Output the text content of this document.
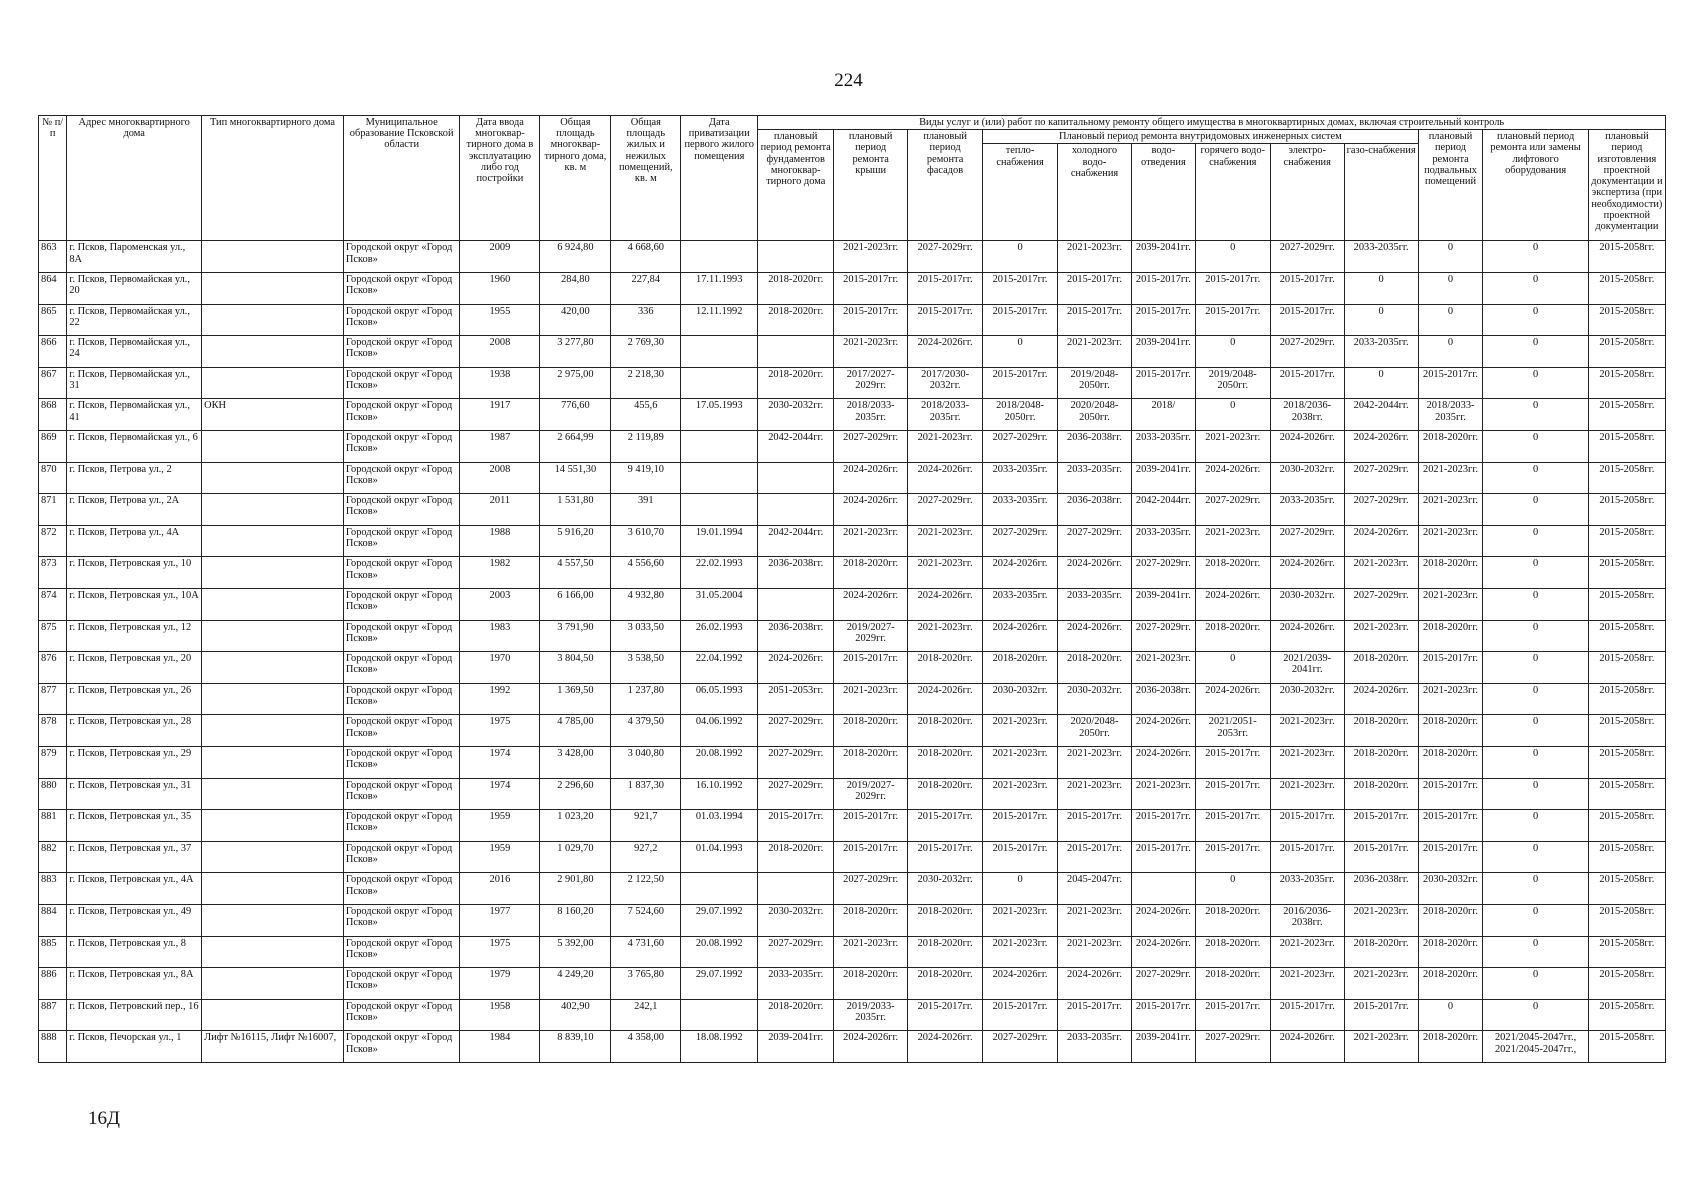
224
№ п/п	Адрес многоквартирного дома	Тип многоквартирного дома	Муниципальное образование Псковской области	Дата ввода многоквар-тирного дома в эксплуатацию либо год постройки	Общая площадь многоквар-тирного дома, кв. м	Общая площадь жилых и нежилых помещений, кв. м	Дата приватизации первого жилого помещения	Виды услуг и (или) работ по капитальному ремонту общего имущества в многоквартирных домах, включая строительный контроль											
								плановый период ремонта фундаментов многоквар-тирного дома	плановый период ремонта крыши	плановый период ремонта фасадов	Плановый период ремонта внутридомовых инженерных систем						плановый период ремонта подвальных помещений	плановый период ремонта или замены лифтового оборудования	плановый период изготовления проектной документации и экспертиза (при необходимости) проектной документации
											тепло-снабжения	холодного водо-снабжения	водо-отведения	горячего водо-снабжения	электро-снабжения	газо-снабжения			
863	г. Псков, Пароменская ул., 8А		Городской округ «Город Псков»	2009	6 924,80	4 668,60			2021-2023гг.	2027-2029гг.	0	2021-2023гг.	2039-2041гг.	0	2027-2029гг.	2033-2035гг.	0	0	2015-2058гг.
864	г. Псков, Первомайская ул., 20		Городской округ «Город Псков»	1960	284,80	227,84	17.11.1993	2018-2020гг.	2015-2017гг.	2015-2017гг.	2015-2017гг.	2015-2017гг.	2015-2017гг.	2015-2017гг.	2015-2017гг.	0	0	0	2015-2058гг.
865	г. Псков, Первомайская ул., 22		Городской округ «Город Псков»	1955	420,00	336	12.11.1992	2018-2020гг.	2015-2017гг.	2015-2017гг.	2015-2017гг.	2015-2017гг.	2015-2017гг.	2015-2017гг.	2015-2017гг.	0	0	0	2015-2058гг.
866	г. Псков, Первомайская ул., 24		Городской округ «Город Псков»	2008	3 277,80	2 769,30			2021-2023гг.	2024-2026гг.	0	2021-2023гг.	2039-2041гг.	0	2027-2029гг.	2033-2035гг.	0	0	2015-2058гг.
867	г. Псков, Первомайская ул., 31		Городской округ «Город Псков»	1938	2 975,00	2 218,30		2018-2020гг.	2017/2027-2029гг.	2017/2030-2032гг.	2015-2017гг.	2019/2048-2050гг.	2015-2017гг.	2019/2048-2050гг.	2015-2017гг.	0	2015-2017гг.	0	2015-2058гг.
868	г. Псков, Первомайская ул., 41	ОКН	Городской округ «Город Псков»	1917	776,60	455,6	17.05.1993	2030-2032гг.	2018/2033-2035гг.	2018/2033-2035гг.	2018/2048-2050гг.	2020/2048-2050гг.	2018/	0	2018/2036-2038гг.	2042-2044гг.	2018/2033-2035гг.	0	2015-2058гг.
869	г. Псков, Первомайская ул., 6		Городской округ «Город Псков»	1987	2 664,99	2 119,89		2042-2044гг.	2027-2029гг.	2021-2023гг.	2027-2029гг.	2036-2038гг.	2033-2035гг.	2021-2023гг.	2024-2026гг.	2024-2026гг.	2018-2020гг.	0	2015-2058гг.
870	г. Псков, Петрова ул., 2		Городской округ «Город Псков»	2008	14 551,30	9 419,10			2024-2026гг.	2024-2026гг.	2033-2035гг.	2033-2035гг.	2039-2041гг.	2024-2026гг.	2030-2032гг.	2027-2029гг.	2021-2023гг.	0	2015-2058гг.
871	г. Псков, Петрова ул., 2А		Городской округ «Город Псков»	2011	1 531,80	391			2024-2026гг.	2027-2029гг.	2033-2035гг.	2036-2038гг.	2042-2044гг.	2027-2029гг.	2033-2035гг.	2027-2029гг.	2021-2023гг.	0	2015-2058гг.
872	г. Псков, Петрова ул., 4А		Городской округ «Город Псков»	1988	5 916,20	3 610,70	19.01.1994	2042-2044гг.	2021-2023гг.	2021-2023гг.	2027-2029гг.	2027-2029гг.	2033-2035гг.	2021-2023гг.	2027-2029гг.	2024-2026гг.	2021-2023гг.	0	2015-2058гг.
873	г. Псков, Петровская ул., 10		Городской округ «Город Псков»	1982	4 557,50	4 556,60	22.02.1993	2036-2038гг.	2018-2020гг.	2021-2023гг.	2024-2026гг.	2024-2026гг.	2027-2029гг.	2018-2020гг.	2024-2026гг.	2021-2023гг.	2018-2020гг.	0	2015-2058гг.
874	г. Псков, Петровская ул., 10А		Городской округ «Город Псков»	2003	6 166,00	4 932,80	31.05.2004		2024-2026гг.	2024-2026гг.	2033-2035гг.	2033-2035гг.	2039-2041гг.	2024-2026гг.	2030-2032гг.	2027-2029гг.	2021-2023гг.	0	2015-2058гг.
875	г. Псков, Петровская ул., 12		Городской округ «Город Псков»	1983	3 791,90	3 033,50	26.02.1993	2036-2038гг.	2019/2027-2029гг.	2021-2023гг.	2024-2026гг.	2024-2026гг.	2027-2029гг.	2018-2020гг.	2024-2026гг.	2021-2023гг.	2018-2020гг.	0	2015-2058гг.
876	г. Псков, Петровская ул., 20		Городской округ «Город Псков»	1970	3 804,50	3 538,50	22.04.1992	2024-2026гг.	2015-2017гг.	2018-2020гг.	2018-2020гг.	2018-2020гг.	2021-2023гг.	0	2021/2039-2041гг.	2018-2020гг.	2015-2017гг.	0	2015-2058гг.
877	г. Псков, Петровская ул., 26		Городской округ «Город Псков»	1992	1 369,50	1 237,80	06.05.1993	2051-2053гг.	2021-2023гг.	2024-2026гг.	2030-2032гг.	2030-2032гг.	2036-2038гг.	2024-2026гг.	2030-2032гг.	2024-2026гг.	2021-2023гг.	0	2015-2058гг.
878	г. Псков, Петровская ул., 28		Городской округ «Город Псков»	1975	4 785,00	4 379,50	04.06.1992	2027-2029гг.	2018-2020гг.	2018-2020гг.	2021-2023гг.	2020/2048-2050гг.	2024-2026гг.	2021/2051-2053гг.	2021-2023гг.	2018-2020гг.	2018-2020гг.	0	2015-2058гг.
879	г. Псков, Петровская ул., 29		Городской округ «Город Псков»	1974	3 428,00	3 040,80	20.08.1992	2027-2029гг.	2018-2020гг.	2018-2020гг.	2021-2023гг.	2021-2023гг.	2024-2026гг.	2015-2017гг.	2021-2023гг.	2018-2020гг.	2018-2020гг.	0	2015-2058гг.
880	г. Псков, Петровская ул., 31		Городской округ «Город Псков»	1974	2 296,60	1 837,30	16.10.1992	2027-2029гг.	2019/2027-2029гг.	2018-2020гг.	2021-2023гг.	2021-2023гг.	2021-2023гг.	2015-2017гг.	2021-2023гг.	2018-2020гг.	2015-2017гг.	0	2015-2058гг.
881	г. Псков, Петровская ул., 35		Городской округ «Город Псков»	1959	1 023,20	921,7	01.03.1994	2015-2017гг.	2015-2017гг.	2015-2017гг.	2015-2017гг.	2015-2017гг.	2015-2017гг.	2015-2017гг.	2015-2017гг.	2015-2017гг.	2015-2017гг.	0	2015-2058гг.
882	г. Псков, Петровская ул., 37		Городской округ «Город Псков»	1959	1 029,70	927,2	01.04.1993	2018-2020гг.	2015-2017гг.	2015-2017гг.	2015-2017гг.	2015-2017гг.	2015-2017гг.	2015-2017гг.	2015-2017гг.	2015-2017гг.	2015-2017гг.	0	2015-2058гг.
883	г. Псков, Петровская ул., 4А		Городской округ «Город Псков»	2016	2 901,80	2 122,50			2027-2029гг.	2030-2032гг.	0	2045-2047гг.		0	2033-2035гг.	2036-2038гг.	2030-2032гг.	0	2015-2058гг.
884	г. Псков, Петровская ул., 49		Городской округ «Город Псков»	1977	8 160,20	7 524,60	29.07.1992	2030-2032гг.	2018-2020гг.	2018-2020гг.	2021-2023гг.	2021-2023гг.	2024-2026гг.	2018-2020гг.	2016/2036-2038гг.	2021-2023гг.	2018-2020гг.	0	2015-2058гг.
885	г. Псков, Петровская ул., 8		Городской округ «Город Псков»	1975	5 392,00	4 731,60	20.08.1992	2027-2029гг.	2021-2023гг.	2018-2020гг.	2021-2023гг.	2021-2023гг.	2024-2026гг.	2018-2020гг.	2021-2023гг.	2018-2020гг.	2018-2020гг.	0	2015-2058гг.
886	г. Псков, Петровская ул., 8А		Городской округ «Город Псков»	1979	4 249,20	3 765,80	29.07.1992	2033-2035гг.	2018-2020гг.	2018-2020гг.	2024-2026гг.	2024-2026гг.	2027-2029гг.	2018-2020гг.	2021-2023гг.	2021-2023гг.	2018-2020гг.	0	2015-2058гг.
887	г. Псков, Петровский пер., 16		Городской округ «Город Псков»	1958	402,90	242,1		2018-2020гг.	2019/2033-2035гг.	2015-2017гг.	2015-2017гг.	2015-2017гг.	2015-2017гг.	2015-2017гг.	2015-2017гг.	2015-2017гг.	0	0	2015-2058гг.
888	г. Псков, Печорская ул., 1	Лифт №16115, Лифт №16007,	Городской округ «Город Псков»	1984	8 839,10	4 358,00	18.08.1992	2039-2041гг.	2024-2026гг.	2024-2026гг.	2027-2029гг.	2033-2035гг.	2039-2041гг.	2027-2029гг.	2024-2026гг.	2021-2023гг.	2018-2020гг.	2021/2045-2047гг., 2021/2045-2047гг.,	2015-2058гг.
16Д
